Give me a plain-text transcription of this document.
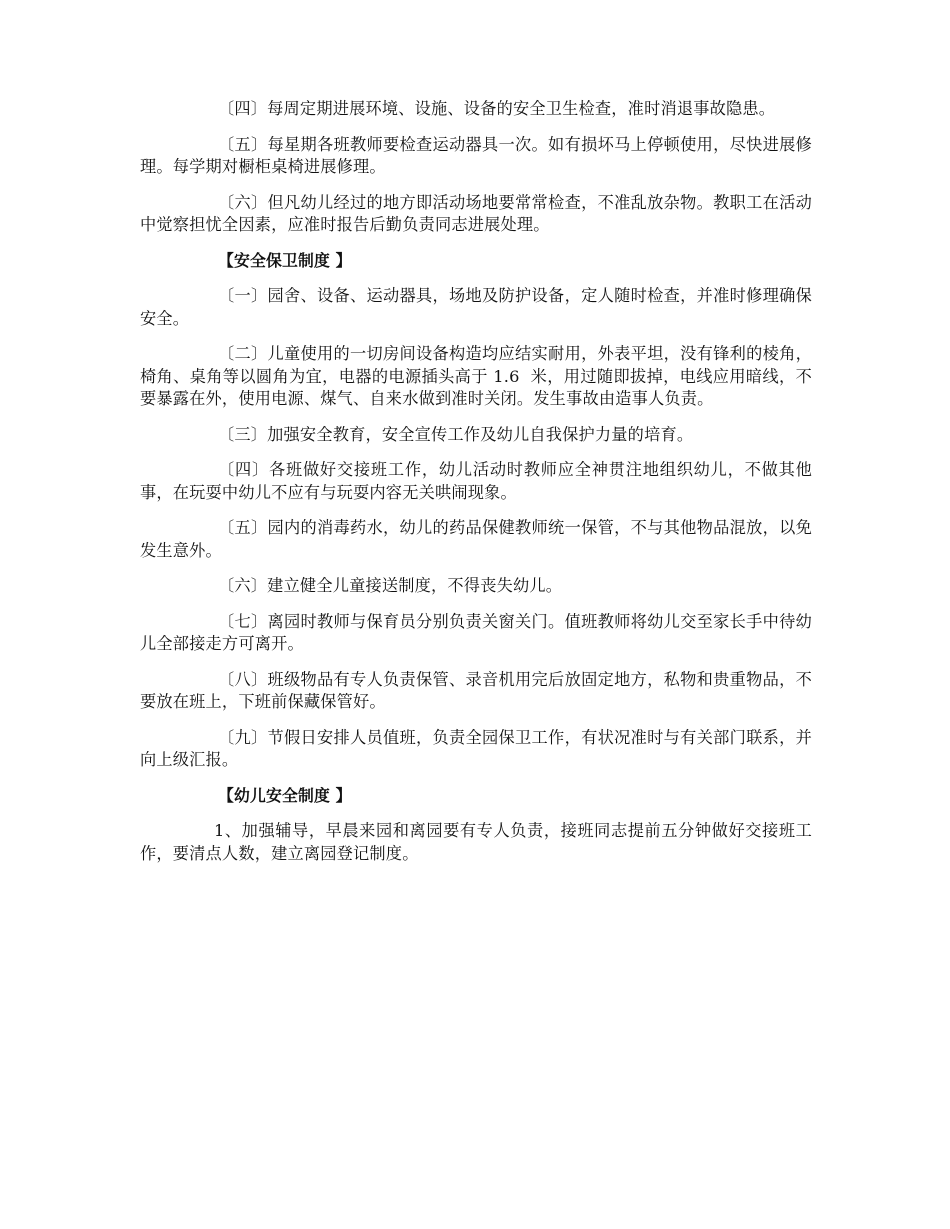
〔四〕每周定期进展环境、设施、设备的安全卫生检查，准时消退事故隐患。

〔五〕每星期各班教师要检查运动器具一次。如有损坏马上停顿使用，尽快进展修理。每学期对橱柜桌椅进展修理。

〔六〕但凡幼儿经过的地方即活动场地要常常检查，不准乱放杂物。教职工在活动中觉察担忧全因素，应准时报告后勤负责同志进展处理。

【安全保卫制度 】

〔一〕园舍、设备、运动器具，场地及防护设备，定人随时检查，并准时修理确保安全。

〔二〕儿童使用的一切房间设备构造均应结实耐用，外表平坦，没有锋利的棱角，椅角、桌角等以圆角为宜，电器的电源插头高于 1.6  米，用过随即拔掉，电线应用暗线，不要暴露在外，使用电源、煤气、自来水做到准时关闭。发生事故由造事人负责。

〔三〕加强安全教育，安全宣传工作及幼儿自我保护力量的培育。

〔四〕各班做好交接班工作，幼儿活动时教师应全神贯注地组织幼儿，不做其他事，在玩耍中幼儿不应有与玩耍内容无关哄闹现象。

〔五〕园内的消毒药水，幼儿的药品保健教师统一保管，不与其他物品混放，以免发生意外。

〔六〕建立健全儿童接送制度，不得丧失幼儿。

〔七〕离园时教师与保育员分别负责关窗关门。值班教师将幼儿交至家长手中待幼儿全部接走方可离开。

〔八〕班级物品有专人负责保管、录音机用完后放固定地方，私物和贵重物品，不要放在班上，下班前保藏保管好。

〔九〕节假日安排人员值班，负责全园保卫工作，有状况准时与有关部门联系，并向上级汇报。

【幼儿安全制度 】

1、加强辅导，早晨来园和离园要有专人负责，接班同志提前五分钟做好交接班工作，要清点人数，建立离园登记制度。
